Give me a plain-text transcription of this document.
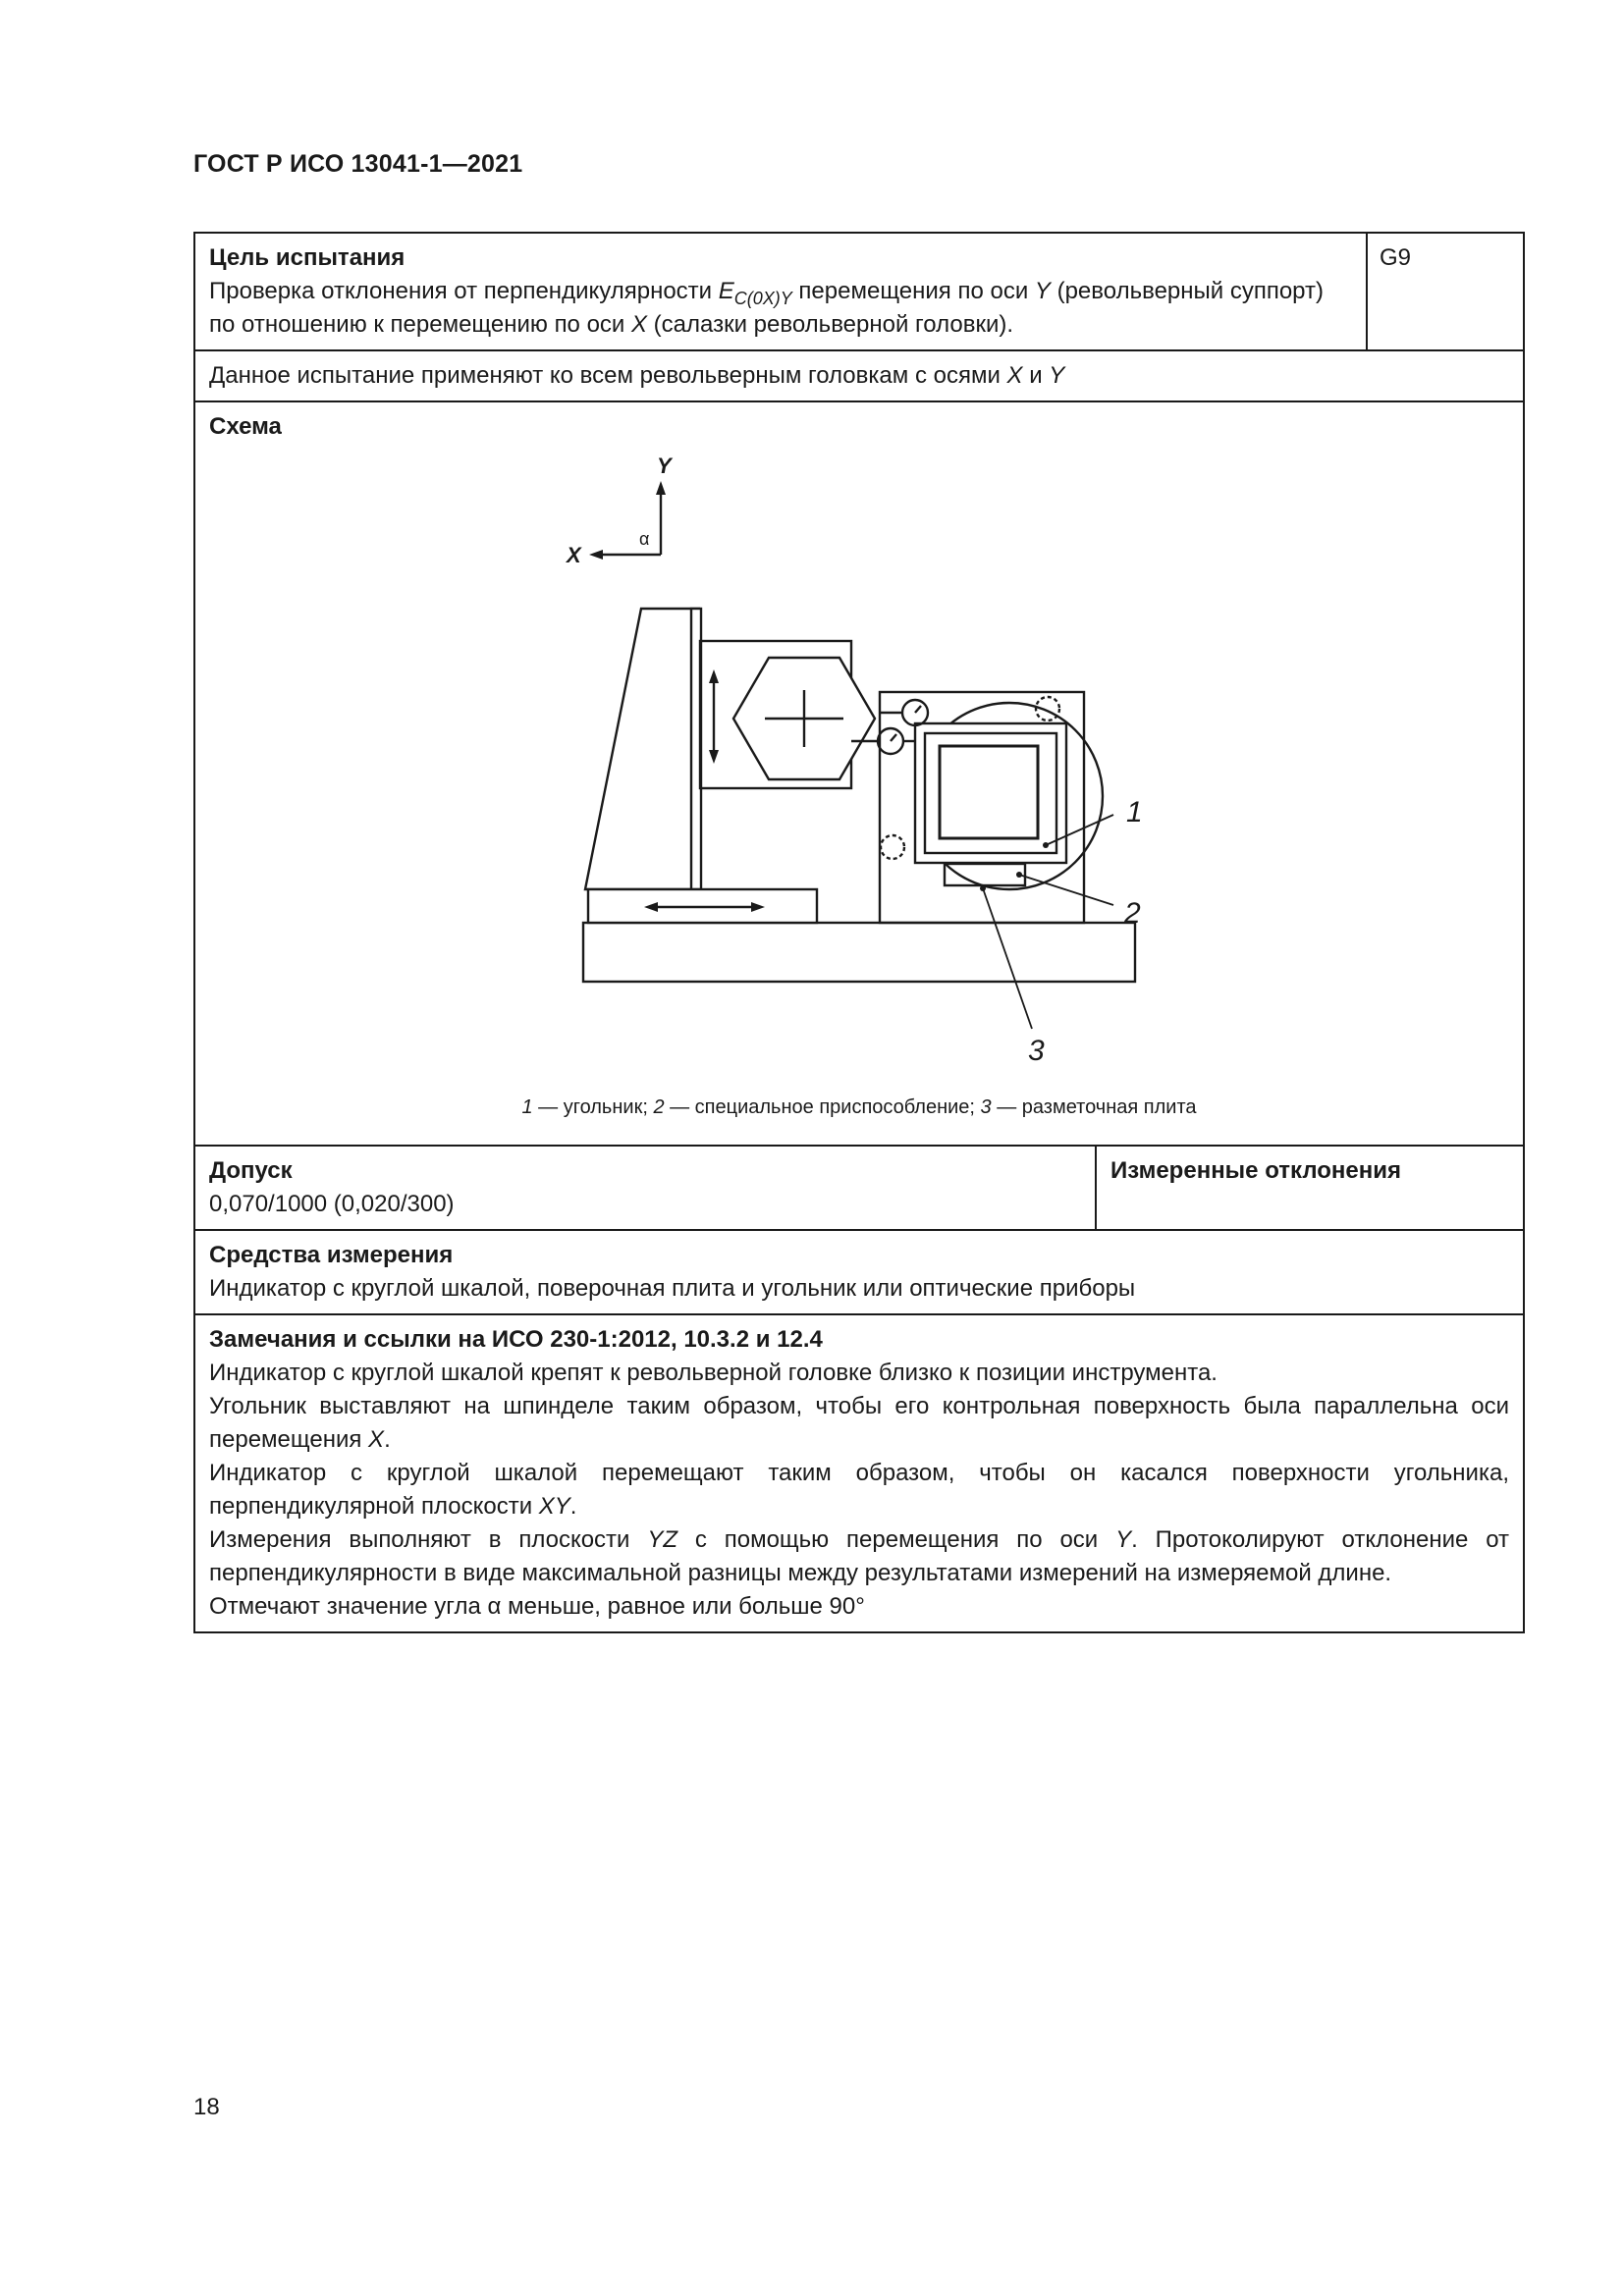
ГОСТ Р ИСО 13041-1—2021
Цель испытания
Проверка отклонения от перпендикулярности $E_{C(0X)Y}$ перемещения по оси Y (револьверный суппорт) по отношению к перемещению по оси X (салазки револьверной головки).
G9
Данное испытание применяют ко всем револьверным головкам с осями X и Y
Y
X
α
1
2
3
Схема
1 — угольник; 2 — специальное приспособление; 3 — разметочная плита
Допуск
0,070/1000 (0,020/300)
Измеренные отклонения
Средства измерения
Индикатор с круглой шкалой, поверочная плита и угольник или оптические приборы

Замечания и ссылки на ИСО 230-1:2012, 10.3.2 и 12.4

Индикатор с круглой шкалой крепят к револьверной головке близко к позиции инструмента.

Угольник выставляют на шпинделе таким образом, чтобы его контрольная поверхность была параллельна оси перемещения X.

Индикатор с круглой шкалой перемещают таким образом, чтобы он касался поверхности угольника, перпендикулярной плоскости XY.

Измерения выполняют в плоскости YZ с помощью перемещения по оси Y. Протоколируют отклонение от перпендикулярности в виде максимальной разницы между результатами измерений на измеряемой длине.

Отмечают значение угла α меньше, равное или больше 90°

18
